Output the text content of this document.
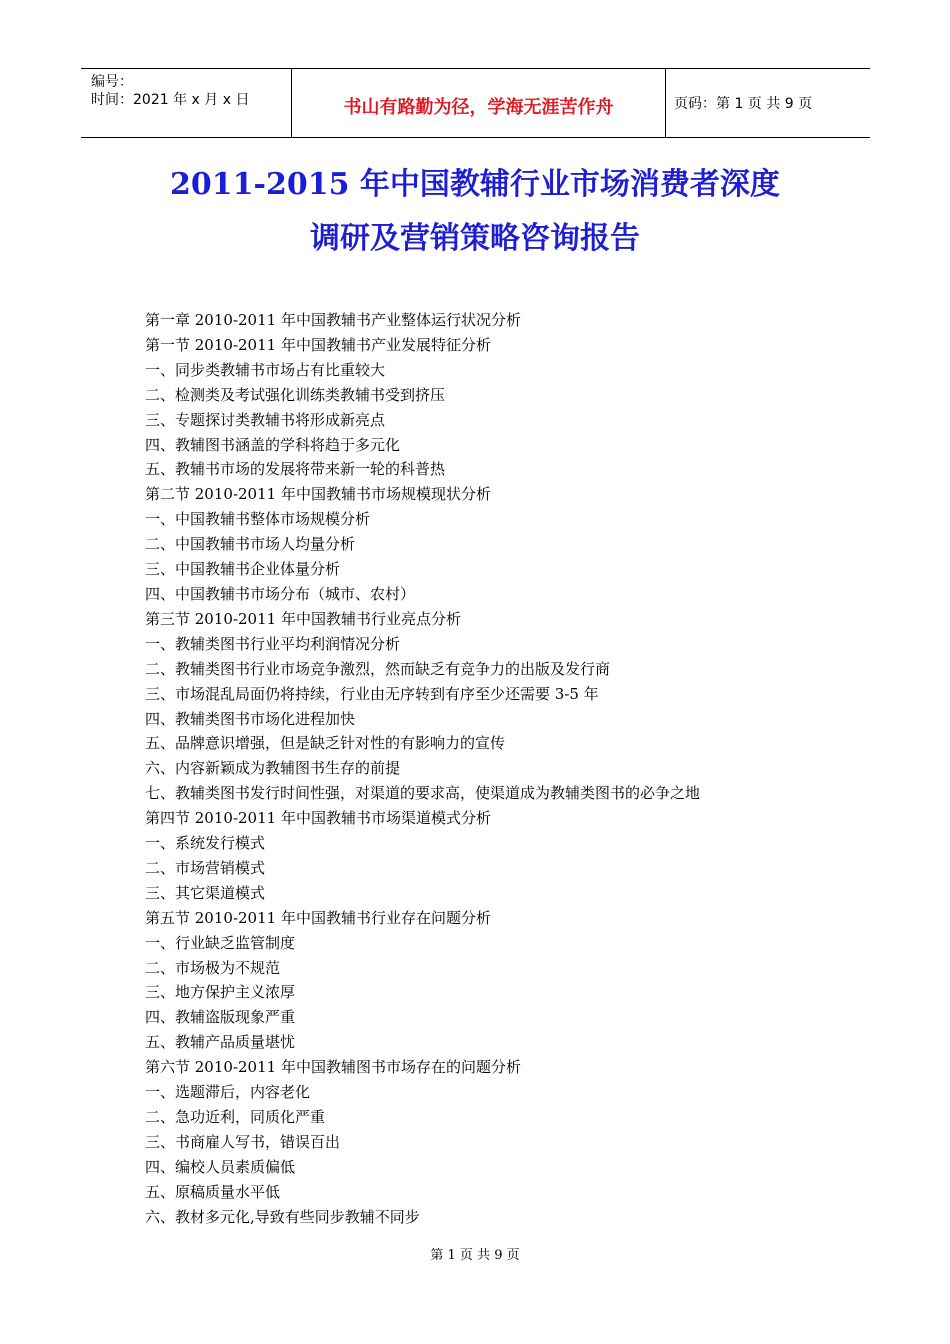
编号：
时间：2021 年 x 月 x 日	书山有路勤为径，学海无涯苦作舟	页码：第 1 页 共 9 页
2011-2015 年中国教辅行业市场消费者深度
调研及营销策略咨询报告
第一章 2010-2011 年中国教辅书产业整体运行状况分析
第一节 2010-2011 年中国教辅书产业发展特征分析
一、同步类教辅书市场占有比重较大
二、检测类及考试强化训练类教辅书受到挤压
三、专题探讨类教辅书将形成新亮点
四、教辅图书涵盖的学科将趋于多元化
五、教辅书市场的发展将带来新一轮的科普热
第二节 2010-2011 年中国教辅书市场规模现状分析
一、中国教辅书整体市场规模分析
二、中国教辅书市场人均量分析
三、中国教辅书企业体量分析
四、中国教辅书市场分布（城市、农村）
第三节 2010-2011 年中国教辅书行业亮点分析
一、教辅类图书行业平均利润情况分析
二、教辅类图书行业市场竞争激烈，然而缺乏有竞争力的出版及发行商
三、市场混乱局面仍将持续，行业由无序转到有序至少还需要 3-5 年
四、教辅类图书市场化进程加快
五、品牌意识增强，但是缺乏针对性的有影响力的宣传
六、内容新颖成为教辅图书生存的前提
七、教辅类图书发行时间性强，对渠道的要求高，使渠道成为教辅类图书的必争之地
第四节 2010-2011 年中国教辅书市场渠道模式分析
一、系统发行模式
二、市场营销模式
三、其它渠道模式
第五节 2010-2011 年中国教辅书行业存在问题分析
一、行业缺乏监管制度
二、市场极为不规范
三、地方保护主义浓厚
四、教辅盗版现象严重
五、教辅产品质量堪忧
第六节 2010-2011 年中国教辅图书市场存在的问题分析
一、选题滞后，内容老化
二、急功近利，同质化严重
三、书商雇人写书，错误百出
四、编校人员素质偏低
五、原稿质量水平低
六、教材多元化,导致有些同步教辅不同步
第 1 页 共 9 页
